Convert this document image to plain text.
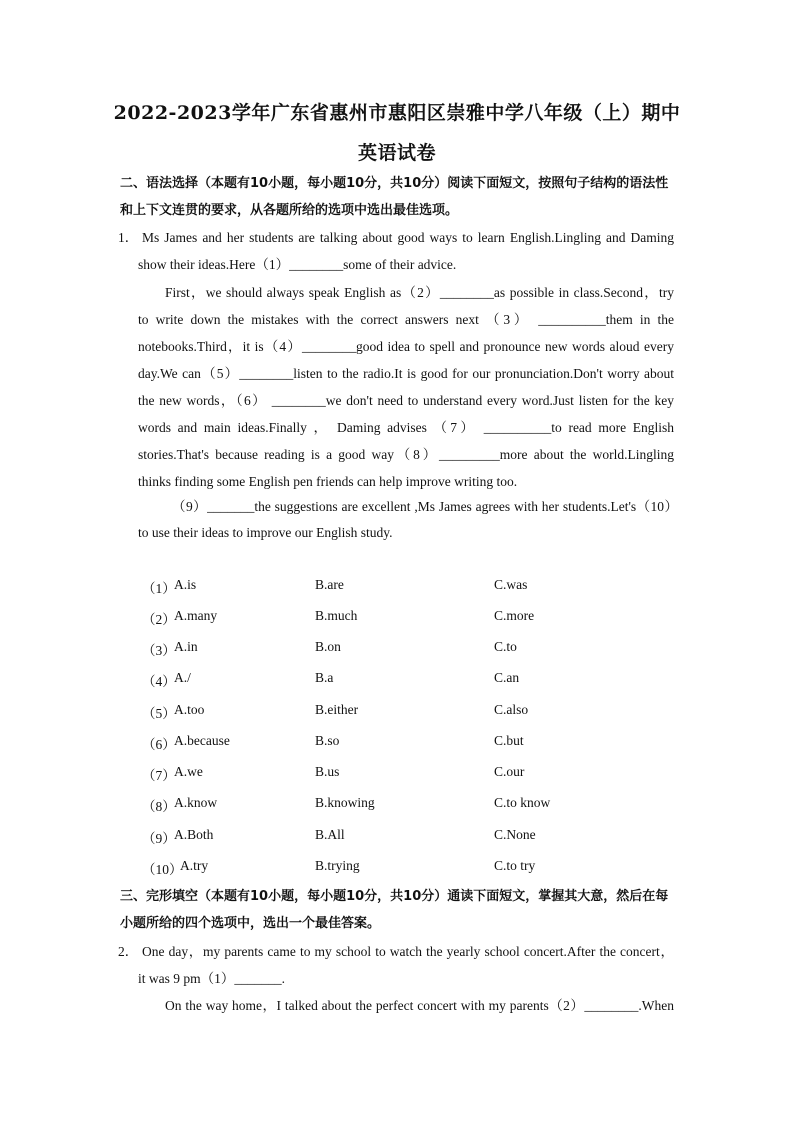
2022-2023学年广东省惠州市惠阳区崇雅中学八年级（上）期中
英语试卷
二、语法选择（本题有10小题，每小题10分，共10分）阅读下面短文，按照句子结构的语法性和上下文连贯的要求，从各题所给的选项中选出最佳选项。
1． Ms James and her students are talking about good ways to learn English.Lingling and Daming
show their ideas.Here（1）________some of their advice.
First，we should always speak English as（2）________as possible in class.Second，try
to write down the mistakes with the correct answers next （3） __________them in the
notebooks.Third，it is（4）________good idea to spell and pronounce new words aloud every
day.We can（5）________listen to the radio.It is good for our pronunciation.Don't worry about
the new words，（6） ________we don't need to understand every word.Just listen for the key
words and main ideas.Finally ， Daming advises （7） __________to read more English
stories.That's because reading is a good way（8）_________more about the world.Lingling
thinks finding some English pen friends can help improve writing too.
（9）_______the suggestions are excellent ,Ms James agrees with her students.Let's（10）
to use their ideas to improve our English study.
（1）
A.is	B.are	C.was
（2）
A.many	B.much	C.more
（3）
A.in	B.on	C.to
（4）
A./	B.a	C.an
（5）
A.too	B.either	C.also
（6）
A.because	B.so	C.but
（7）
A.we	B.us	C.our
（8）
A.know	B.knowing	C.to know
（9）
A.Both	B.All	C.None
（10）
A.try	B.trying	C.to try
三、完形填空（本题有10小题，每小题10分，共10分）通读下面短文，掌握其大意，然后在每小题所给的四个选项中，选出一个最佳答案。
2． One day，my parents came to my school to watch the yearly school concert.After the concert，
it was 9 pm（1）_______.
On the way home，I talked about the perfect concert with my parents（2）________.When
